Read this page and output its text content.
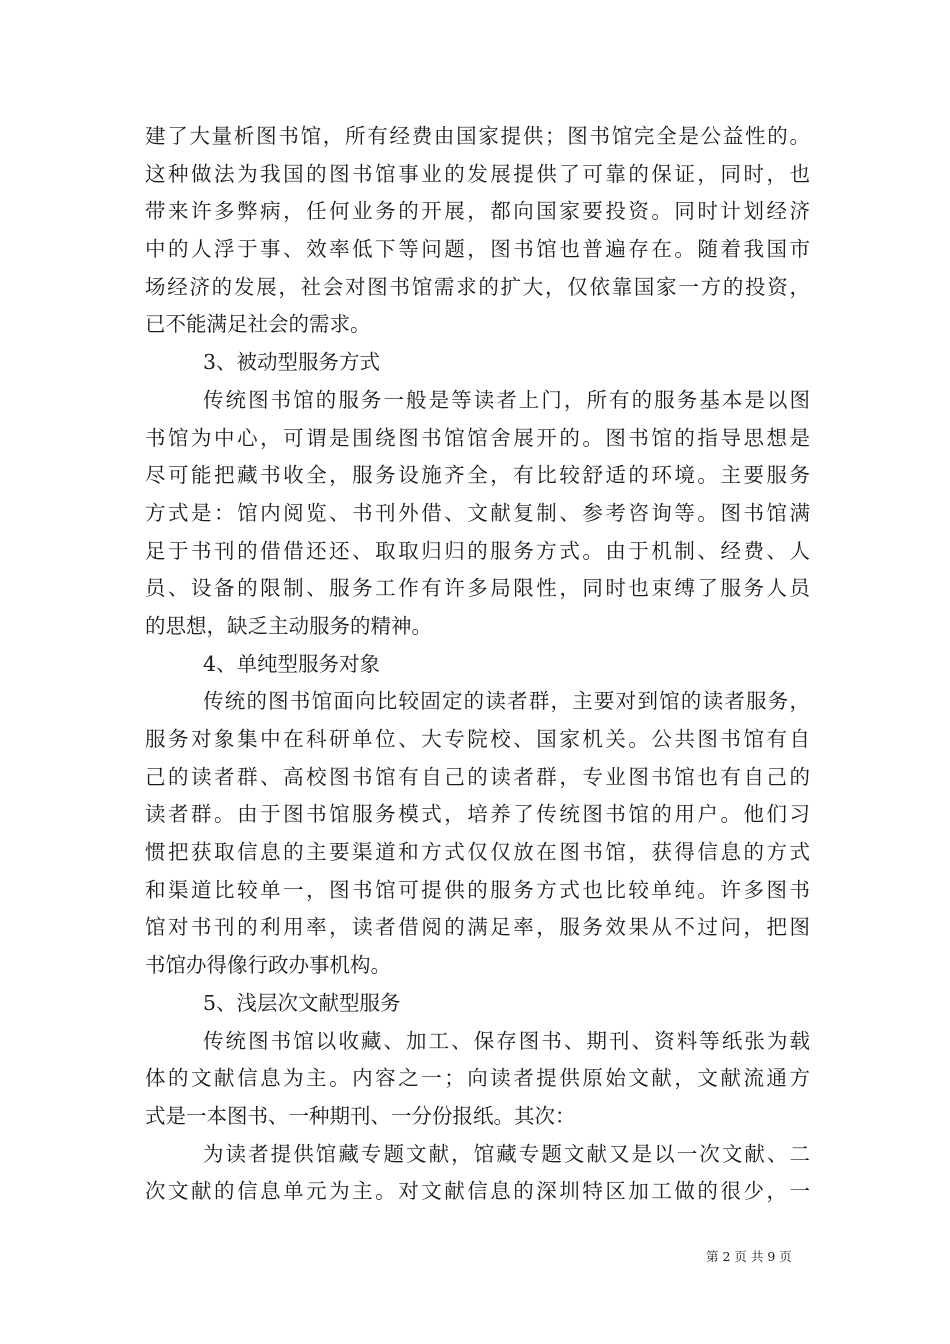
建了大量析图书馆，所有经费由国家提供；图书馆完全是公益性的。
这种做法为我国的图书馆事业的发展提供了可靠的保证，同时，也
带来许多弊病，任何业务的开展，都向国家要投资。同时计划经济
中的人浮于事、效率低下等问题，图书馆也普遍存在。随着我国市
场经济的发展，社会对图书馆需求的扩大，仅依靠国家一方的投资，
已不能满足社会的需求。
3、被动型服务方式
传统图书馆的服务一般是等读者上门，所有的服务基本是以图
书馆为中心，可谓是围绕图书馆馆舍展开的。图书馆的指导思想是
尽可能把藏书收全，服务设施齐全，有比较舒适的环境。主要服务
方式是：馆内阅览、书刊外借、文献复制、参考咨询等。图书馆满
足于书刊的借借还还、取取归归的服务方式。由于机制、经费、人
员、设备的限制、服务工作有许多局限性，同时也束缚了服务人员
的思想，缺乏主动服务的精神。
4、单纯型服务对象
传统的图书馆面向比较固定的读者群，主要对到馆的读者服务，
服务对象集中在科研单位、大专院校、国家机关。公共图书馆有自
己的读者群、高校图书馆有自己的读者群，专业图书馆也有自己的
读者群。由于图书馆服务模式，培养了传统图书馆的用户。他们习
惯把获取信息的主要渠道和方式仅仅放在图书馆，获得信息的方式
和渠道比较单一，图书馆可提供的服务方式也比较单纯。许多图书
馆对书刊的利用率，读者借阅的满足率，服务效果从不过问，把图
书馆办得像行政办事机构。
5、浅层次文献型服务
传统图书馆以收藏、加工、保存图书、期刊、资料等纸张为载
体的文献信息为主。内容之一；向读者提供原始文献，文献流通方
式是一本图书、一种期刊、一分份报纸。其次：
为读者提供馆藏专题文献，馆藏专题文献又是以一次文献、二
次文献的信息单元为主。对文献信息的深圳特区加工做的很少，一
第 2 页 共 9 页
